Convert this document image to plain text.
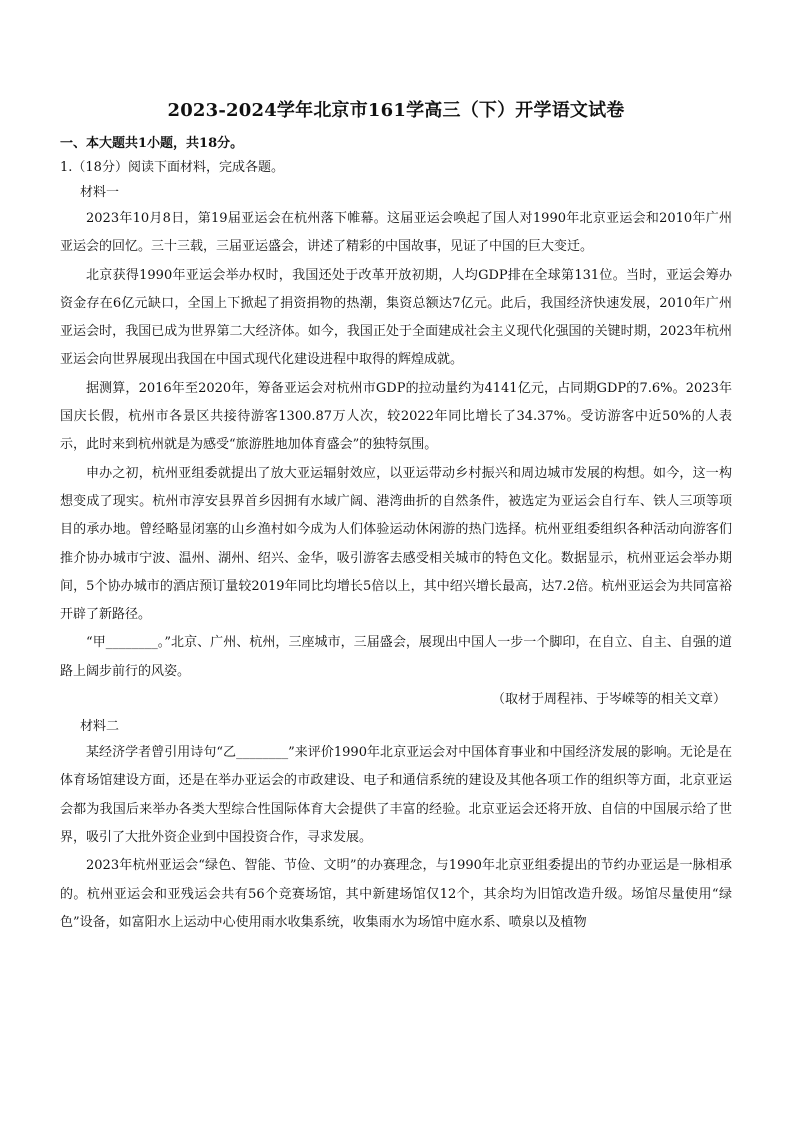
2023-2024学年北京市161学高三（下）开学语文试卷
一、本大题共1小题，共18分。
1.（18分）阅读下面材料，完成各题。
材料一

2023年10月8日，第19届亚运会在杭州落下帷幕。这届亚运会唤起了国人对1990年北京亚运会和2010年广州亚运会的回忆。三十三载，三届亚运盛会，讲述了精彩的中国故事，见证了中国的巨大变迁。

北京获得1990年亚运会举办权时，我国还处于改革开放初期，人均GDP排在全球第131位。当时，亚运会筹办资金存在6亿元缺口，全国上下掀起了捐资捐物的热潮，集资总额达7亿元。此后，我国经济快速发展，2010年广州亚运会时，我国已成为世界第二大经济体。如今，我国正处于全面建成社会主义现代化强国的关键时期，2023年杭州亚运会向世界展现出我国在中国式现代化建设进程中取得的辉煌成就。

据测算，2016年至2020年，筹备亚运会对杭州市GDP的拉动量约为4141亿元，占同期GDP的7.6%。2023年国庆长假，杭州市各景区共接待游客1300.87万人次，较2022年同比增长了34.37%。受访游客中近50%的人表示，此时来到杭州就是为感受“旅游胜地加体育盛会”的独特氛围。

申办之初，杭州亚组委就提出了放大亚运辐射效应，以亚运带动乡村振兴和周边城市发展的构想。如今，这一构想变成了现实。杭州市淳安县界首乡因拥有水域广阔、港湾曲折的自然条件，被选定为亚运会自行车、铁人三项等项目的承办地。曾经略显闭塞的山乡渔村如今成为人们体验运动休闲游的热门选择。杭州亚组委组织各种活动向游客们推介协办城市宁波、温州、湖州、绍兴、金华，吸引游客去感受相关城市的特色文化。数据显示，杭州亚运会举办期间，5个协办城市的酒店预订量较2019年同比均增长5倍以上，其中绍兴增长最高，达7.2倍。杭州亚运会为共同富裕开辟了新路径。

“甲________。”北京、广州、杭州，三座城市，三届盛会，展现出中国人一步一个脚印，在自立、自主、自强的道路上阔步前行的风姿。

（取材于周程祎、于岑嵘等的相关文章）
材料二

某经济学者曾引用诗句“乙________”来评价1990年北京亚运会对中国体育事业和中国经济发展的影响。无论是在体育场馆建设方面，还是在举办亚运会的市政建设、电子和通信系统的建设及其他各项工作的组织等方面，北京亚运会都为我国后来举办各类大型综合性国际体育大会提供了丰富的经验。北京亚运会还将开放、自信的中国展示给了世界，吸引了大批外资企业到中国投资合作，寻求发展。

2023年杭州亚运会“绿色、智能、节俭、文明”的办赛理念，与1990年北京亚组委提出的节约办亚运是一脉相承的。杭州亚运会和亚残运会共有56个竞赛场馆，其中新建场馆仅12个，其余均为旧馆改造升级。场馆尽量使用“绿色”设备，如富阳水上运动中心使用雨水收集系统，收集雨水为场馆中庭水系、喷泉以及植物
